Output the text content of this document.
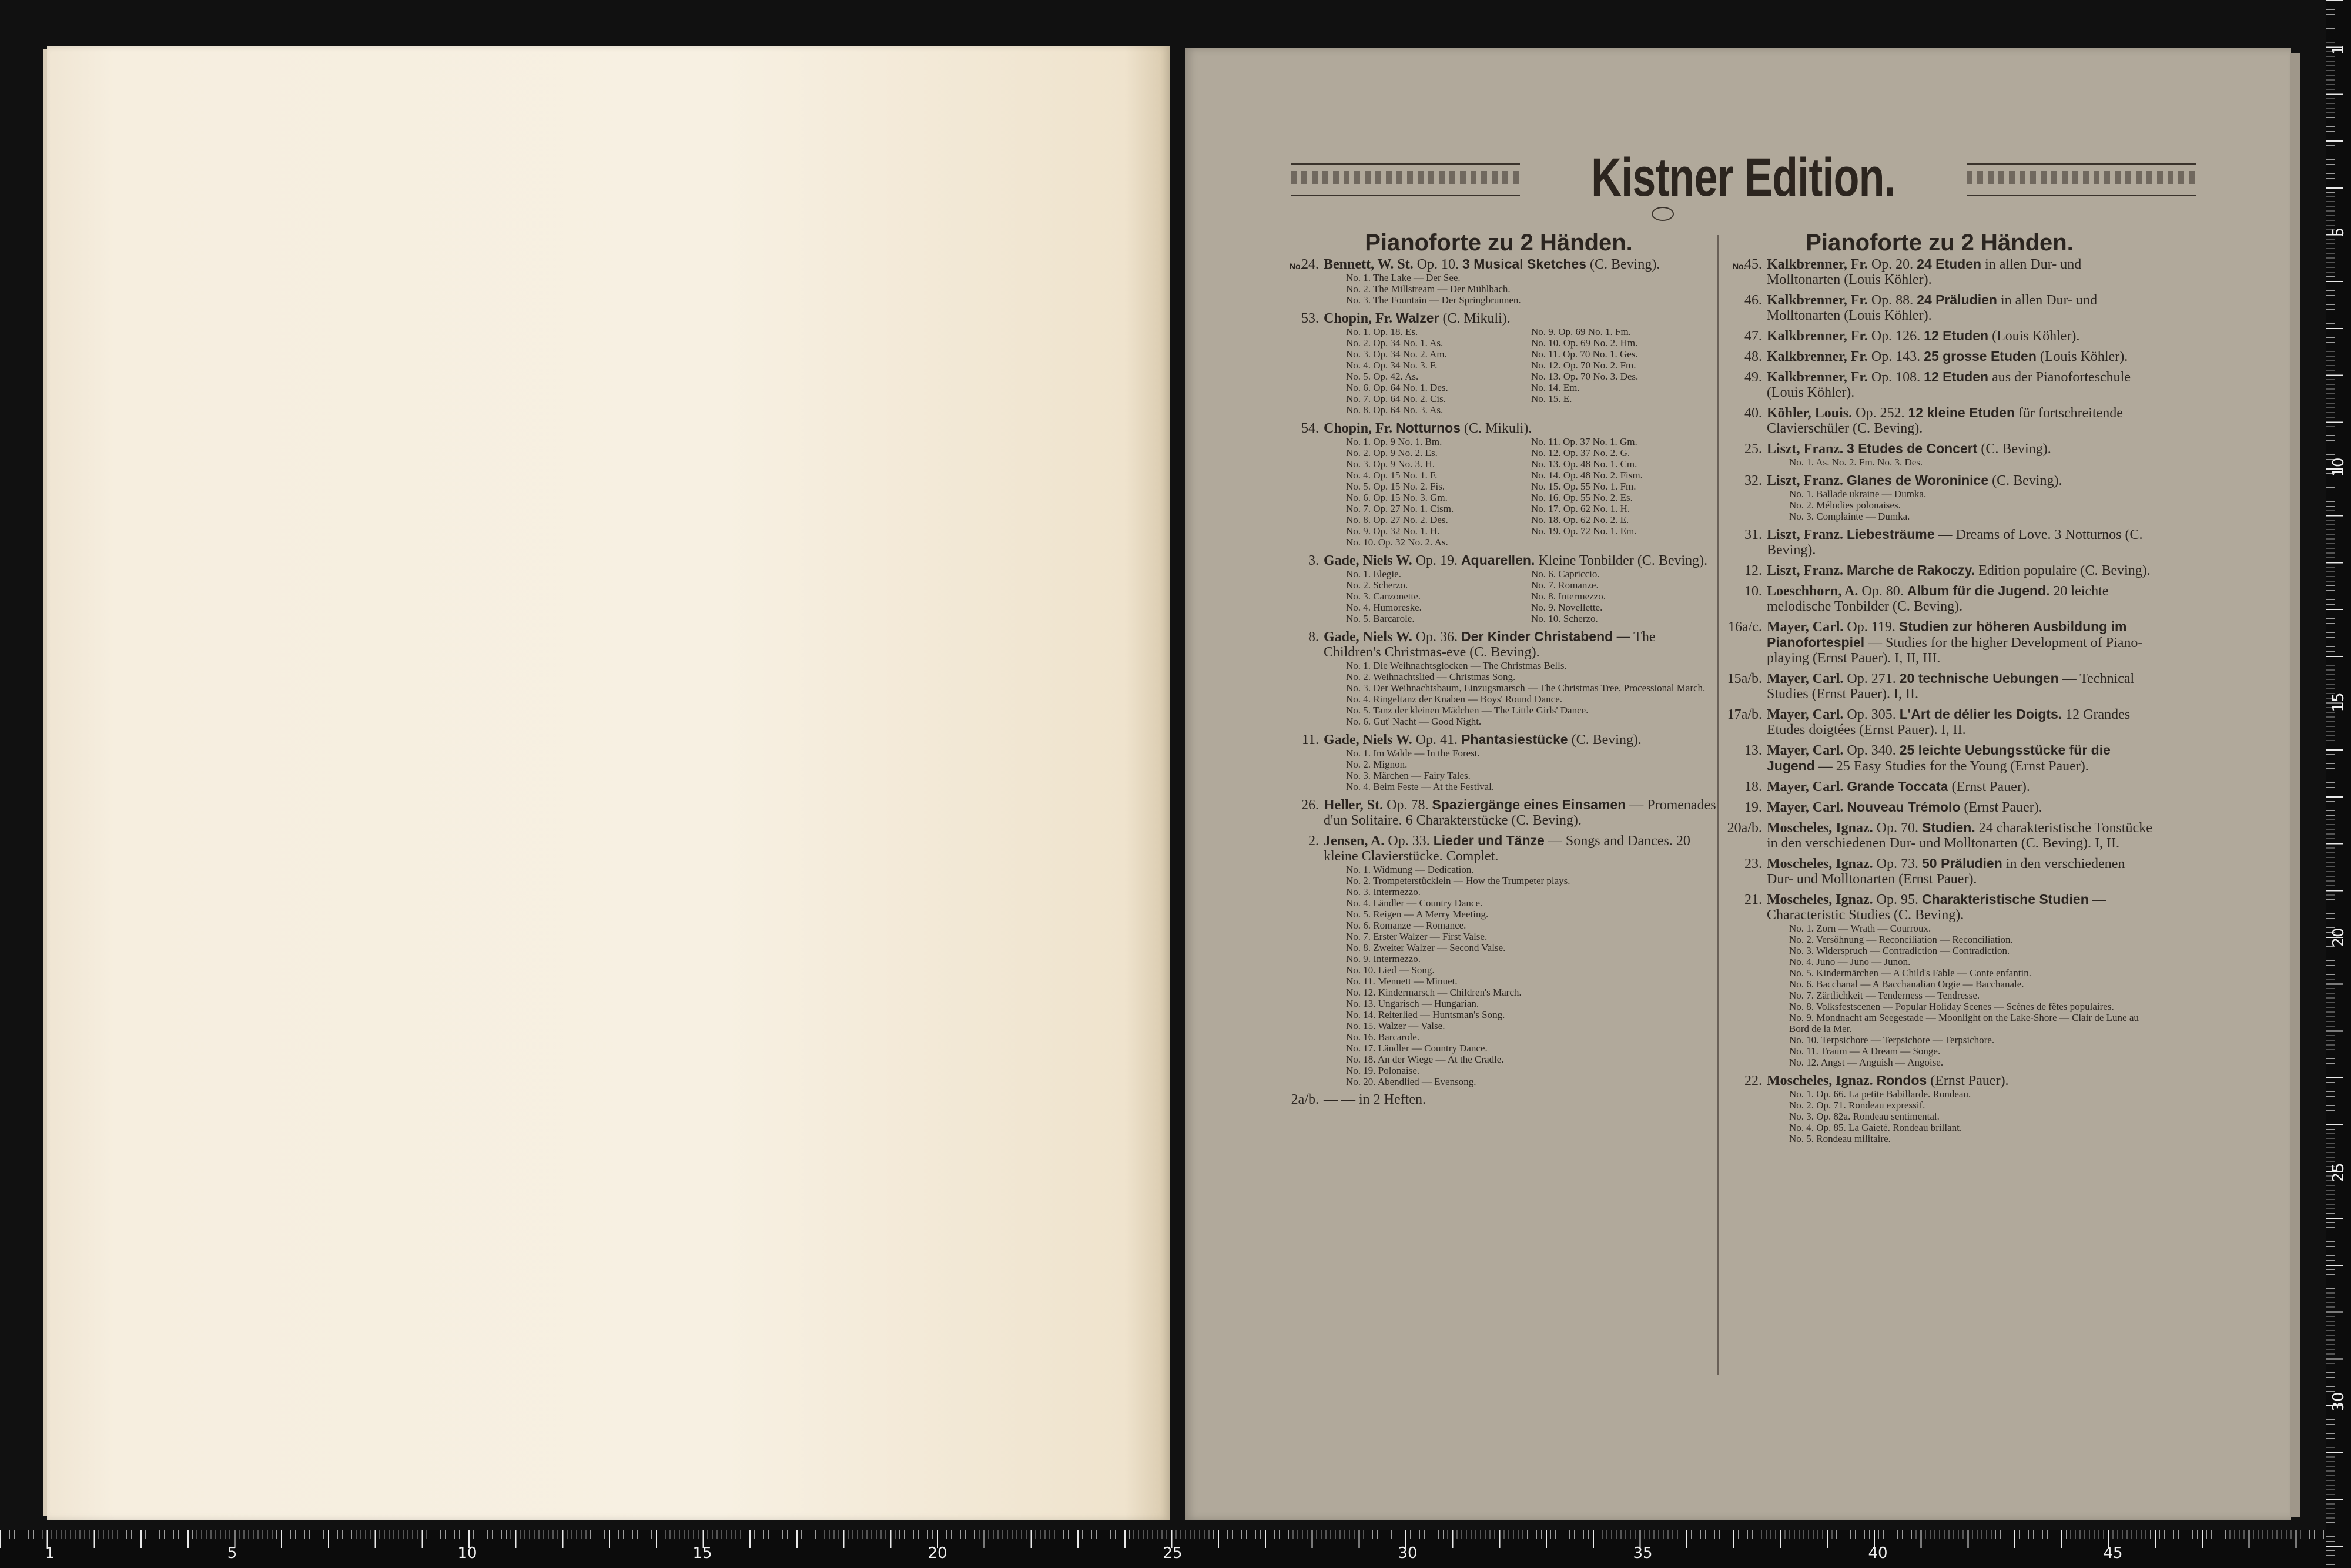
1	5	10	15	20	25	30	35	40	45
1
5
10
15
20
25
30
Kistner Edition.
Pianoforte zu 2 Händen.
No.

24. Bennett, W. St. Op. 10. 3 Musical Sketches (C. Beving).

No. 1. The Lake — Der See.
No. 2. The Millstream — Der Mühlbach.
No. 3. The Fountain — Der Springbrunnen.

53. Chopin, Fr. Walzer (C. Mikuli).

No. 1. Op. 18. Es.	No. 9. Op. 69 No. 1. Fm.
No. 2. Op. 34 No. 1. As.	No. 10. Op. 69 No. 2. Hm.
No. 3. Op. 34 No. 2. Am.	No. 11. Op. 70 No. 1. Ges.
No. 4. Op. 34 No. 3. F.	No. 12. Op. 70 No. 2. Fm.
No. 5. Op. 42. As.	No. 13. Op. 70 No. 3. Des.
No. 6. Op. 64 No. 1. Des.	No. 14. Em.
No. 7. Op. 64 No. 2. Cis.	No. 15. E.
No. 8. Op. 64 No. 3. As.

54. Chopin, Fr. Notturnos (C. Mikuli).

No. 1. Op. 9 No. 1. Bm.	No. 11. Op. 37 No. 1. Gm.
No. 2. Op. 9 No. 2. Es.	No. 12. Op. 37 No. 2. G.
No. 3. Op. 9 No. 3. H.	No. 13. Op. 48 No. 1. Cm.
No. 4. Op. 15 No. 1. F.	No. 14. Op. 48 No. 2. Fism.
No. 5. Op. 15 No. 2. Fis.	No. 15. Op. 55 No. 1. Fm.
No. 6. Op. 15 No. 3. Gm.	No. 16. Op. 55 No. 2. Es.
No. 7. Op. 27 No. 1. Cism.	No. 17. Op. 62 No. 1. H.
No. 8. Op. 27 No. 2. Des.	No. 18. Op. 62 No. 2. E.
No. 9. Op. 32 No. 1. H.	No. 19. Op. 72 No. 1. Em.
No. 10. Op. 32 No. 2. As.

3. Gade, Niels W. Op. 19. Aquarellen. Kleine Tonbilder (C. Beving).

No. 1. Elegie.	No. 6. Capriccio.
No. 2. Scherzo.	No. 7. Romanze.
No. 3. Canzonette.	No. 8. Intermezzo.
No. 4. Humoreske.	No. 9. Novellette.
No. 5. Barcarole.	No. 10. Scherzo.

8. Gade, Niels W. Op. 36. Der Kinder Christabend — The Children's Christmas-eve (C. Beving).

No. 1. Die Weihnachtsglocken — The Christmas Bells.
No. 2. Weihnachtslied — Christmas Song.
No. 3. Der Weihnachtsbaum, Einzugsmarsch — The Christmas Tree, Processional March.
No. 4. Ringeltanz der Knaben — Boys' Round Dance.
No. 5. Tanz der kleinen Mädchen — The Little Girls' Dance.
No. 6. Gut' Nacht — Good Night.

11. Gade, Niels W. Op. 41. Phantasiestücke (C. Beving).

No. 1. Im Walde — In the Forest.
No. 2. Mignon.
No. 3. Märchen — Fairy Tales.
No. 4. Beim Feste — At the Festival.

26. Heller, St. Op. 78. Spaziergänge eines Einsamen — Promenades d'un Solitaire. 6 Charakterstücke (C. Beving).

2. Jensen, A. Op. 33. Lieder und Tänze — Songs and Dances. 20 kleine Clavierstücke. Complet.

No. 1. Widmung — Dedication.
No. 2. Trompeterstücklein — How the Trumpeter plays.
No. 3. Intermezzo.
No. 4. Ländler — Country Dance.
No. 5. Reigen — A Merry Meeting.
No. 6. Romanze — Romance.
No. 7. Erster Walzer — First Valse.
No. 8. Zweiter Walzer — Second Valse.
No. 9. Intermezzo.
No. 10. Lied — Song.
No. 11. Menuett — Minuet.
No. 12. Kindermarsch — Children's March.
No. 13. Ungarisch — Hungarian.
No. 14. Reiterlied — Huntsman's Song.
No. 15. Walzer — Valse.
No. 16. Barcarole.
No. 17. Ländler — Country Dance.
No. 18. An der Wiege — At the Cradle.
No. 19. Polonaise.
No. 20. Abendlied — Evensong.

2a/b. — — in 2 Heften.

Pianoforte zu 2 Händen.
No.

45. Kalkbrenner, Fr. Op. 20. 24 Etuden in allen Dur- und Molltonarten (Louis Köhler).

46. Kalkbrenner, Fr. Op. 88. 24 Präludien in allen Dur- und Molltonarten (Louis Köhler).

47. Kalkbrenner, Fr. Op. 126. 12 Etuden (Louis Köhler).

48. Kalkbrenner, Fr. Op. 143. 25 grosse Etuden (Louis Köhler).

49. Kalkbrenner, Fr. Op. 108. 12 Etuden aus der Pianoforteschule (Louis Köhler).

40. Köhler, Louis. Op. 252. 12 kleine Etuden für fortschreitende Clavierschüler (C. Beving).

25. Liszt, Franz. 3 Etudes de Concert (C. Beving).

No. 1. As. No. 2. Fm. No. 3. Des.

32. Liszt, Franz. Glanes de Woroninice (C. Beving).

No. 1. Ballade ukraine — Dumka.
No. 2. Mélodies polonaises.
No. 3. Complainte — Dumka.

31. Liszt, Franz. Liebesträume — Dreams of Love. 3 Notturnos (C. Beving).

12. Liszt, Franz. Marche de Rakoczy. Edition populaire (C. Beving).

10. Loeschhorn, A. Op. 80. Album für die Jugend. 20 leichte melodische Tonbilder (C. Beving).

16a/c. Mayer, Carl. Op. 119. Studien zur höheren Ausbildung im Pianofortespiel — Studies for the higher Development of Piano-playing (Ernst Pauer). I, II, III.

15a/b. Mayer, Carl. Op. 271. 20 technische Uebungen — Technical Studies (Ernst Pauer). I, II.

17a/b. Mayer, Carl. Op. 305. L'Art de délier les Doigts. 12 Grandes Etudes doigtées (Ernst Pauer). I, II.

13. Mayer, Carl. Op. 340. 25 leichte Uebungsstücke für die Jugend — 25 Easy Studies for the Young (Ernst Pauer).

18. Mayer, Carl. Grande Toccata (Ernst Pauer).

19. Mayer, Carl. Nouveau Trémolo (Ernst Pauer).

20a/b. Moscheles, Ignaz. Op. 70. Studien. 24 charakteristische Tonstücke in den verschiedenen Dur- und Molltonarten (C. Beving). I, II.

23. Moscheles, Ignaz. Op. 73. 50 Präludien in den verschiedenen Dur- und Molltonarten (Ernst Pauer).

21. Moscheles, Ignaz. Op. 95. Charakteristische Studien — Characteristic Studies (C. Beving).

No. 1. Zorn — Wrath — Courroux.
No. 2. Versöhnung — Reconciliation — Reconciliation.
No. 3. Widerspruch — Contradiction — Contradiction.
No. 4. Juno — Juno — Junon.
No. 5. Kindermärchen — A Child's Fable — Conte enfantin.
No. 6. Bacchanal — A Bacchanalian Orgie — Bacchanale.
No. 7. Zärtlichkeit — Tenderness — Tendresse.
No. 8. Volksfestscenen — Popular Holiday Scenes — Scènes de fêtes populaires.
No. 9. Mondnacht am Seegestade — Moonlight on the Lake-Shore — Clair de Lune au Bord de la Mer.
No. 10. Terpsichore — Terpsichore — Terpsichore.
No. 11. Traum — A Dream — Songe.
No. 12. Angst — Anguish — Angoise.

22. Moscheles, Ignaz. Rondos (Ernst Pauer).

No. 1. Op. 66. La petite Babillarde. Rondeau.
No. 2. Op. 71. Rondeau expressif.
No. 3. Op. 82a. Rondeau sentimental.
No. 4. Op. 85. La Gaieté. Rondeau brillant.
No. 5. Rondeau militaire.
